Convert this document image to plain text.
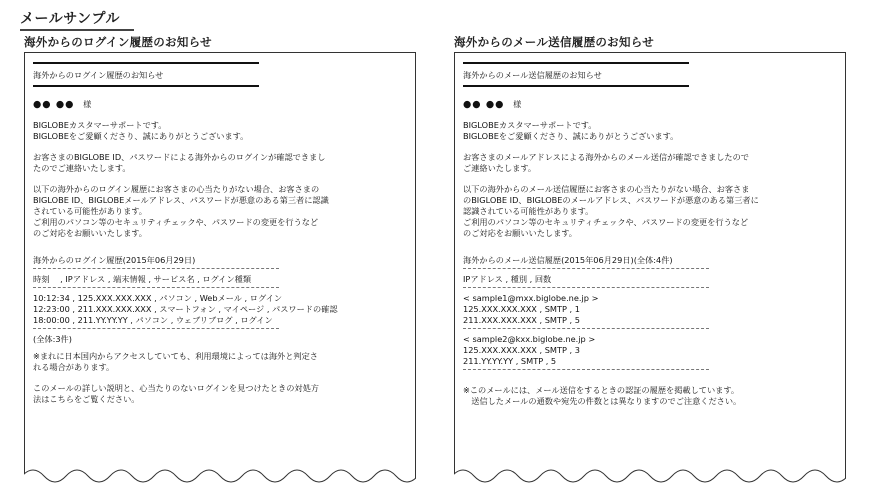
メールサンプル
海外からのログイン履歴のお知らせ
海外からのログイン履歴のお知らせ
●● ●● 様
BIGLOBEカスタマーサポートです。
BIGLOBEをご愛顧くださり、誠にありがとうございます。
お客さまのBIGLOBE ID、パスワードによる海外からのログインが確認できまし
たのでご連絡いたします。
以下の海外からのログイン履歴にお客さまの心当たりがない場合、お客さまの
BIGLOBE ID、BIGLOBEメールアドレス、パスワードが悪意のある第三者に認識
されている可能性があります。
ご利用のパソコン等のセキュリティチェックや、パスワードの変更を行うなど
のご対応をお願いいたします。
海外からのログイン履歴(2015年06月29日)
時刻　 , IPアドレス , 端末情報 , サービス名 , ログイン種類
10:12:34 , 125.XXX.XXX.XXX , パソコン , Webメール , ログイン
12:23:00 , 211.XXX.XXX.XXX , スマートフォン , マイページ , パスワードの確認
18:00:00 , 211.YY.YY.YY , パソコン , ウェブリブログ , ログイン
(全体:3件)
※まれに日本国内からアクセスしていても、利用環境によっては海外と判定さ
れる場合があります。
このメールの詳しい説明と、心当たりのないログインを見つけたときの対処方
法はこちらをご覧ください。
海外からのメール送信履歴のお知らせ
海外からのメール送信履歴のお知らせ
●● ●● 様
BIGLOBEカスタマーサポートです。
BIGLOBEをご愛顧くださり、誠にありがとうございます。
お客さまのメールアドレスによる海外からのメール送信が確認できましたので
ご連絡いたします。
以下の海外からのメール送信履歴にお客さまの心当たりがない場合、お客さま
のBIGLOBE ID、BIGLOBEのメールアドレス、パスワードが悪意のある第三者に
認識されている可能性があります。
ご利用のパソコン等のセキュリティチェックや、パスワードの変更を行うなど
のご対応をお願いいたします。
海外からのメール送信履歴(2015年06月29日)(全体:4件)
IPアドレス , 種別 , 回数
< sample1@mxx.biglobe.ne.jp >
125.XXX.XXX.XXX , SMTP , 1
211.XXX.XXX.XXX , SMTP , 5
< sample2@kxx.biglobe.ne.jp >
125.XXX.XXX.XXX , SMTP , 3
211.YY.YY.YY , SMTP , 5
※このメールには、メール送信をするときの認証の履歴を掲載しています。
　送信したメールの通数や宛先の件数とは異なりますのでご注意ください。
